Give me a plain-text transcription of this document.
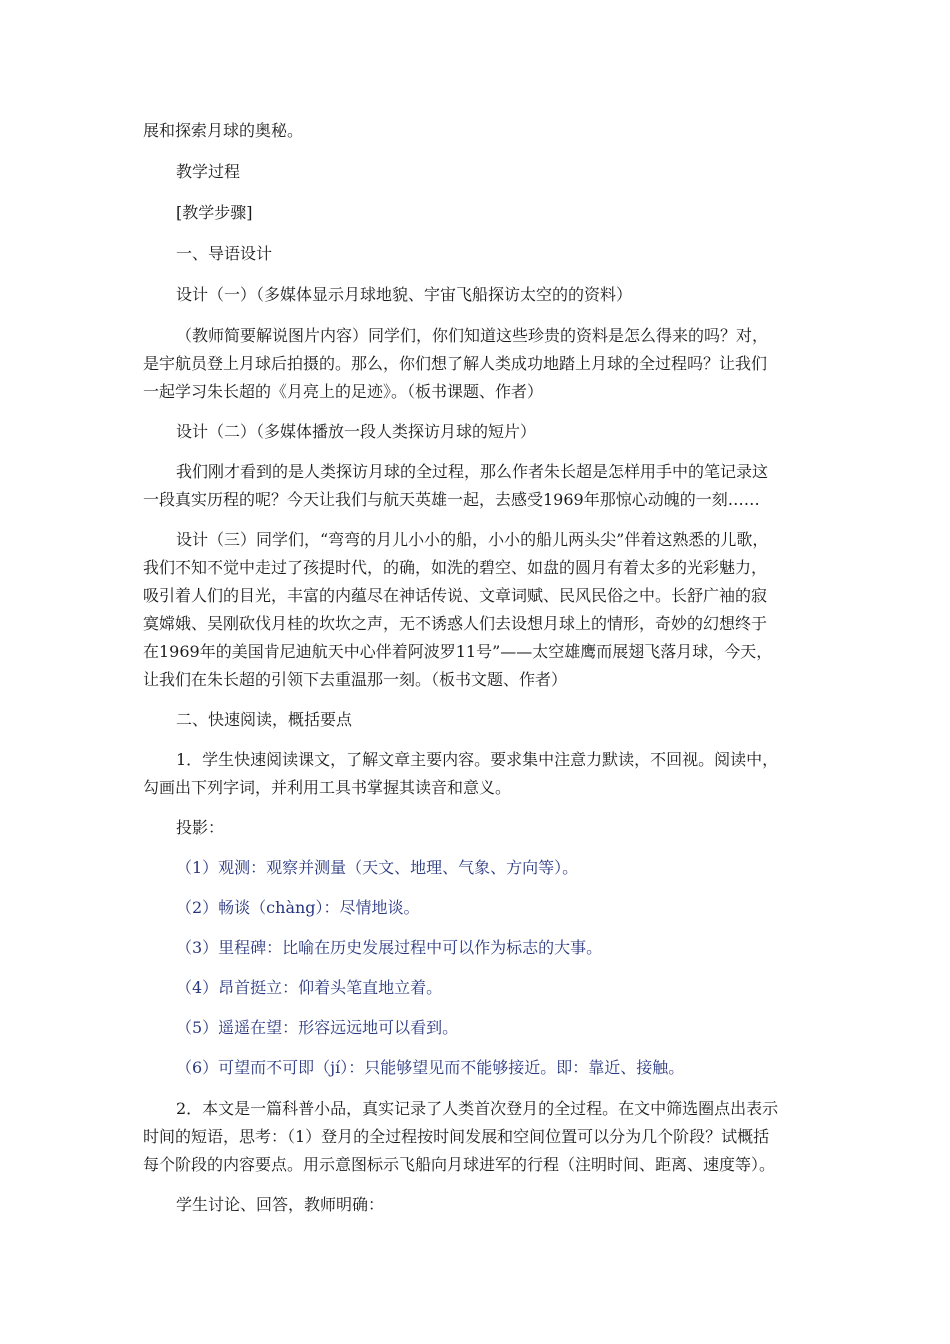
展和探索月球的奥秘。
教学过程
[教学步骤]
一、导语设计
设计（一）（多媒体显示月球地貌、宇宙飞船探访太空的的资料）
（教师简要解说图片内容）同学们，你们知道这些珍贵的资料是怎么得来的吗？对，
是宇航员登上月球后拍摄的。那么，你们想了解人类成功地踏上月球的全过程吗？让我们
一起学习朱长超的《月亮上的足迹》。（板书课题、作者）
设计（二）（多媒体播放一段人类探访月球的短片）
我们刚才看到的是人类探访月球的全过程，那么作者朱长超是怎样用手中的笔记录这
一段真实历程的呢？今天让我们与航天英雄一起，去感受1969年那惊心动魄的一刻……
设计（三）同学们，“弯弯的月儿小小的船，小小的船儿两头尖”伴着这熟悉的儿歌，
我们不知不觉中走过了孩提时代，的确，如洗的碧空、如盘的圆月有着太多的光彩魅力，
吸引着人们的目光，丰富的内蕴尽在神话传说、文章词赋、民风民俗之中。长舒广袖的寂
寞嫦娥、吴刚砍伐月桂的坎坎之声，无不诱惑人们去设想月球上的情形，奇妙的幻想终于
在1969年的美国肯尼迪航天中心伴着阿波罗11号”——太空雄鹰而展翅飞落月球，今天，
让我们在朱长超的引领下去重温那一刻。（板书文题、作者）
二、快速阅读，概括要点
1．学生快速阅读课文，了解文章主要内容。要求集中注意力默读，不回视。阅读中，
勾画出下列字词，并利用工具书掌握其读音和意义。
投影：
（1）观测：观察并测量（天文、地理、气象、方向等）。
（2）畅谈（chàng）：尽情地谈。
（3）里程碑：比喻在历史发展过程中可以作为标志的大事。
（4）昂首挺立：仰着头笔直地立着。
（5）遥遥在望：形容远远地可以看到。
（6）可望而不可即（jí）：只能够望见而不能够接近。即：靠近、接触。
2．本文是一篇科普小品，真实记录了人类首次登月的全过程。在文中筛选圈点出表示
时间的短语，思考：（1）登月的全过程按时间发展和空间位置可以分为几个阶段？试概括
每个阶段的内容要点。用示意图标示飞船向月球进军的行程（注明时间、距离、速度等）。
学生讨论、回答，教师明确：
